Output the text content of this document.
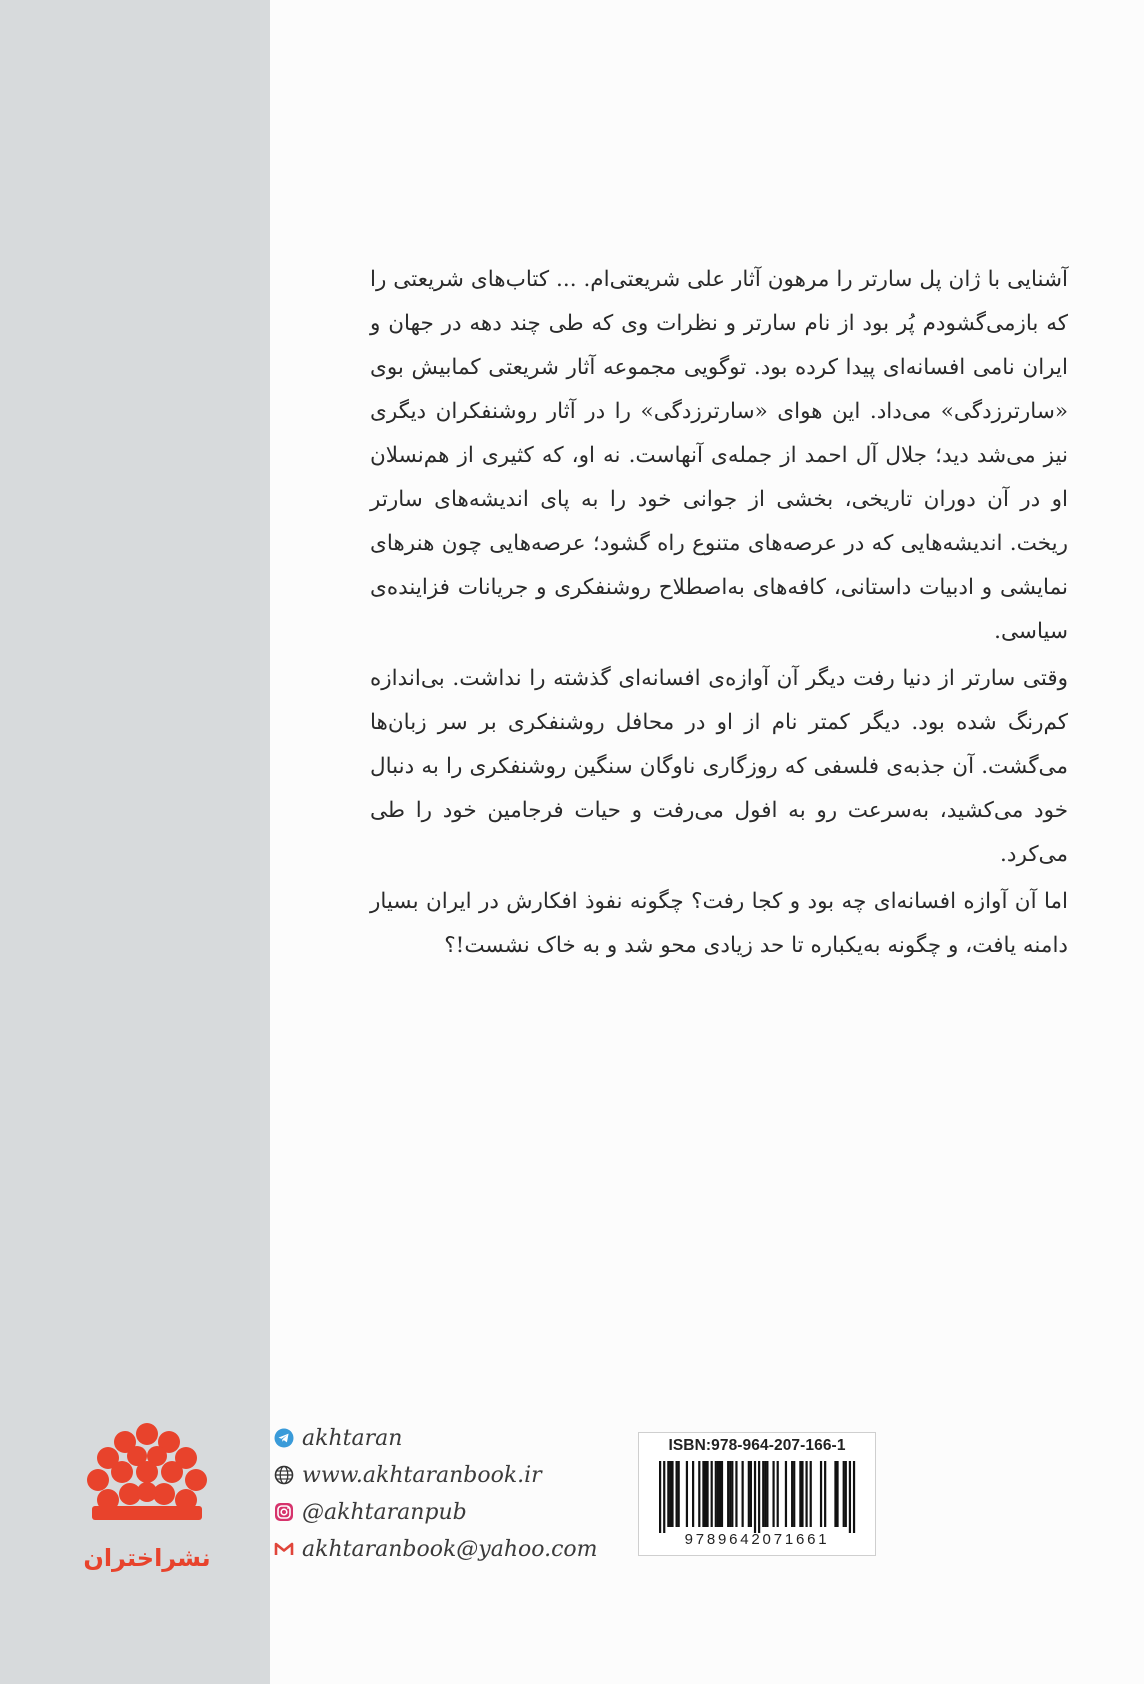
آشنایی با ژان پل سارتر را مرهون آثار علی شریعتی‌ام. ... کتاب‌های شریعتی را که بازمی‌گشودم پُر بود از نام سارتر و نظرات وی که طی چند دهه در جهان و ایران نامی افسانه‌ای پیدا کرده بود. توگویی مجموعه آثار شریعتی کمابیش بوی «سارترزدگی» می‌داد. این هوای «سارترزدگی» را در آثار روشنفکران دیگری نیز می‌شد دید؛ جلال آل احمد از جمله‌ی آنهاست. نه او، که کثیری از هم‌نسلان او در آن دوران تاریخی، بخشی از جوانی خود را به پای اندیشه‌های سارتر ریخت. اندیشه‌هایی که در عرصه‌های متنوع راه گشود؛ عرصه‌هایی چون هنرهای نمایشی و ادبیات داستانی، کافه‌های به‌اصطلاح روشنفکری و جریانات فزاینده‌ی سیاسی.

وقتی سارتر از دنیا رفت دیگر آن آوازه‌ی افسانه‌ای گذشته را نداشت. بی‌اندازه کم‌رنگ شده بود. دیگر کمتر نام از او در محافل روشنفکری بر سر زبان‌ها می‌گشت. آن جذبه‌ی فلسفی که روزگاری ناوگان سنگین روشنفکری را به دنبال خود می‌کشید، به‌سرعت رو به افول می‌رفت و حیات فرجامین خود را طی می‌کرد.

اما آن آوازه افسانه‌ای چه بود و کجا رفت؟ چگونه نفوذ افکارش در ایران بسیار دامنه یافت، و چگونه به‌یکباره تا حد زیادی محو شد و به خاک نشست!؟

نشراختران
akhtaran
www.akhtaranbook.ir
@akhtaranpub
akhtaranbook@yahoo.com
ISBN:978-964-207-166-1
9789642071661
